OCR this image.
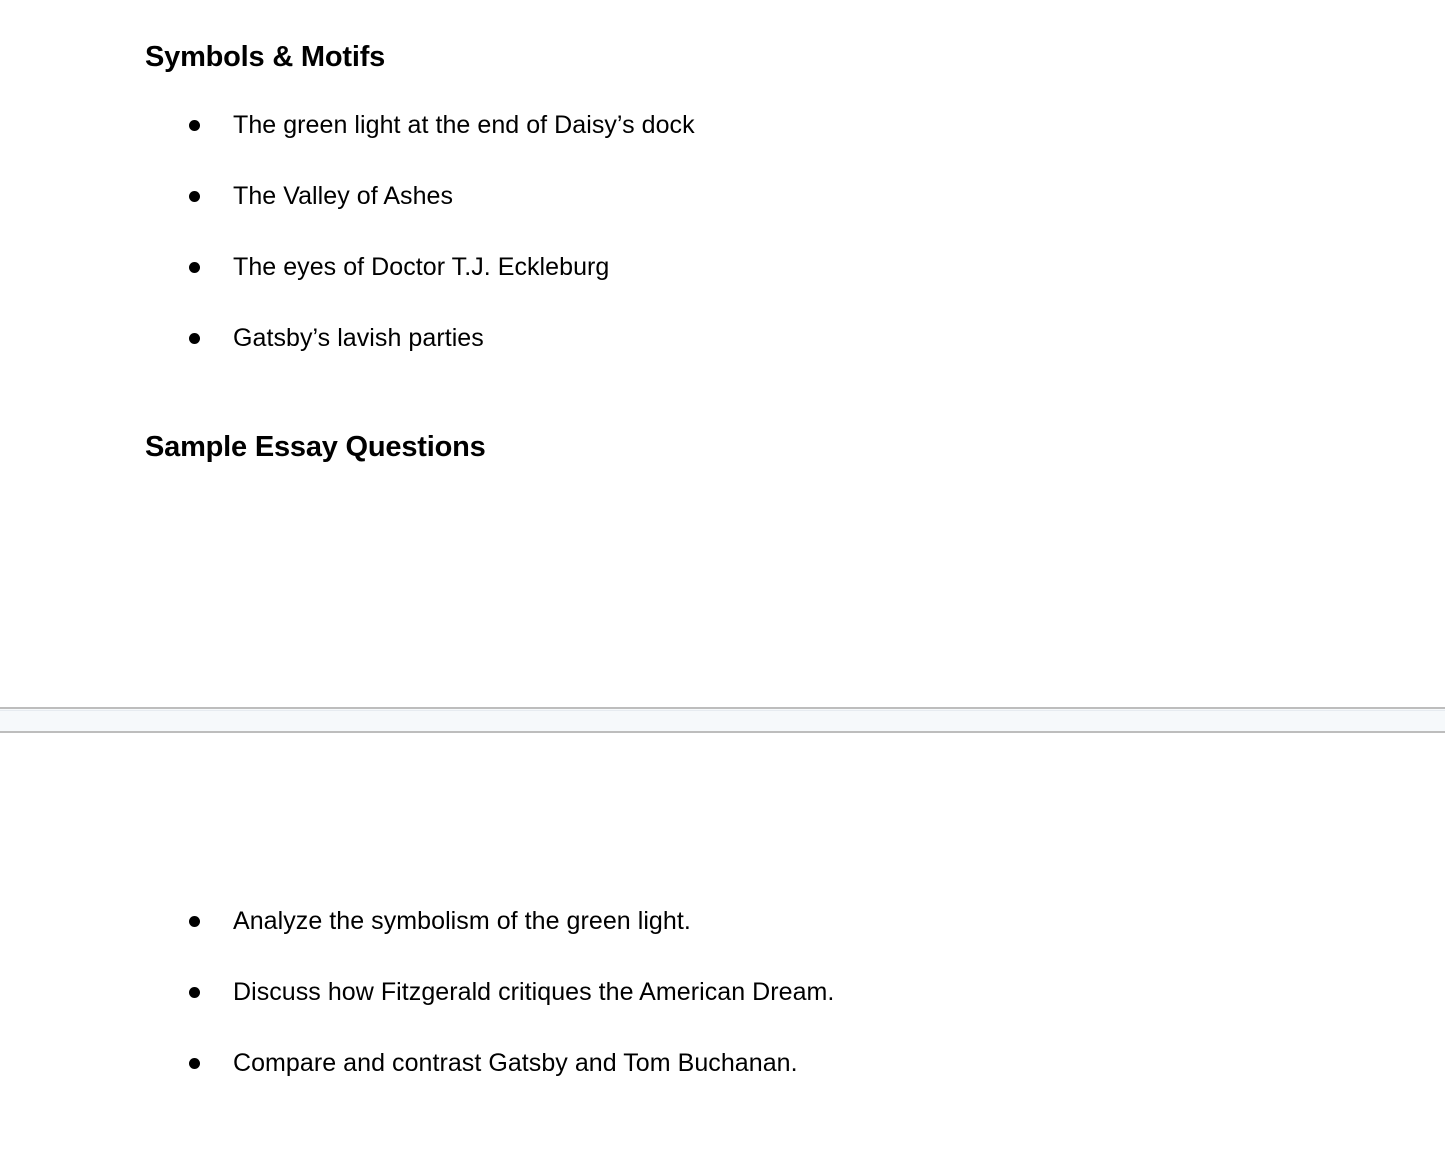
Symbols & Motifs
The green light at the end of Daisy’s dock
The Valley of Ashes
The eyes of Doctor T.J. Eckleburg
Gatsby’s lavish parties
Sample Essay Questions
Analyze the symbolism of the green light.
Discuss how Fitzgerald critiques the American Dream.
Compare and contrast Gatsby and Tom Buchanan.
